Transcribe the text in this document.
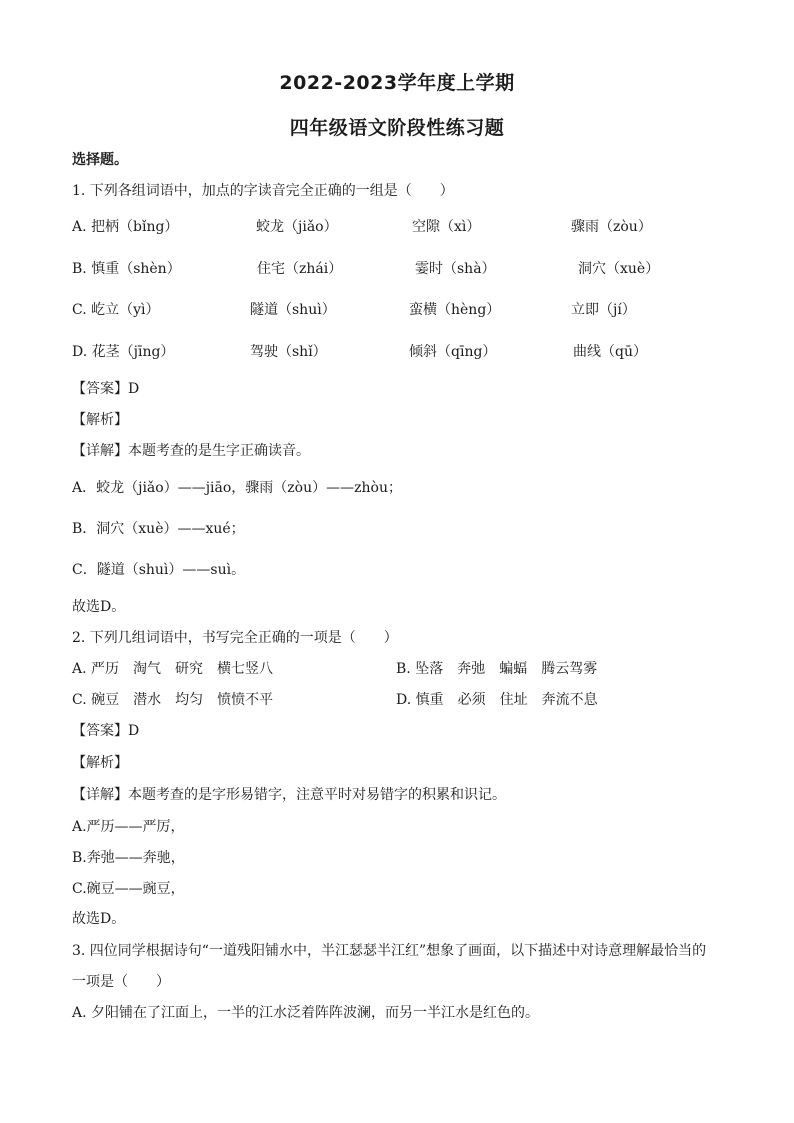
2022-2023学年度上学期
四年级语文阶段性练习题
选择题。
1. 下列各组词语中，加点的字读音完全正确的一组是（　　）
A. 把柄（bǐng）	蛟龙（jiǎo）	空隙（xì）	骤雨（zòu）
B. 慎重（shèn）	住宅（zhái）	霎时（shà）	洞穴（xuè）
C. 屹立（yì）	隧道（shuì）	蛮横（hèng）	立即（jí）
D. 花茎（jīng）	驾驶（shǐ）	倾斜（qīng）	曲线（qū）
【答案】D
【解析】
【详解】本题考查的是生字正确读音。
A．蛟龙（jiǎo）——jiāo，骤雨（zòu）——zhòu；
B．洞穴（xuè）——xué；
C．隧道（shuì）——suì。
故选D。
2. 下列几组词语中，书写完全正确的一项是（　　）
A. 严历　淘气　研究　横七竖八	B. 坠落　奔弛　蝙蝠　腾云驾雾
C. 碗豆　潜水　均匀　愤愤不平	D. 慎重　必须　住址　奔流不息
【答案】D
【解析】
【详解】本题考查的是字形易错字，注意平时对易错字的积累和识记。
A.严历——严厉，
B.奔弛——奔驰，
C.碗豆——豌豆，
故选D。
3. 四位同学根据诗句“一道残阳铺水中，半江瑟瑟半江红”想象了画面，以下描述中对诗意理解最恰当的
一项是（　　）
A. 夕阳铺在了江面上，一半的江水泛着阵阵波澜，而另一半江水是红色的。
